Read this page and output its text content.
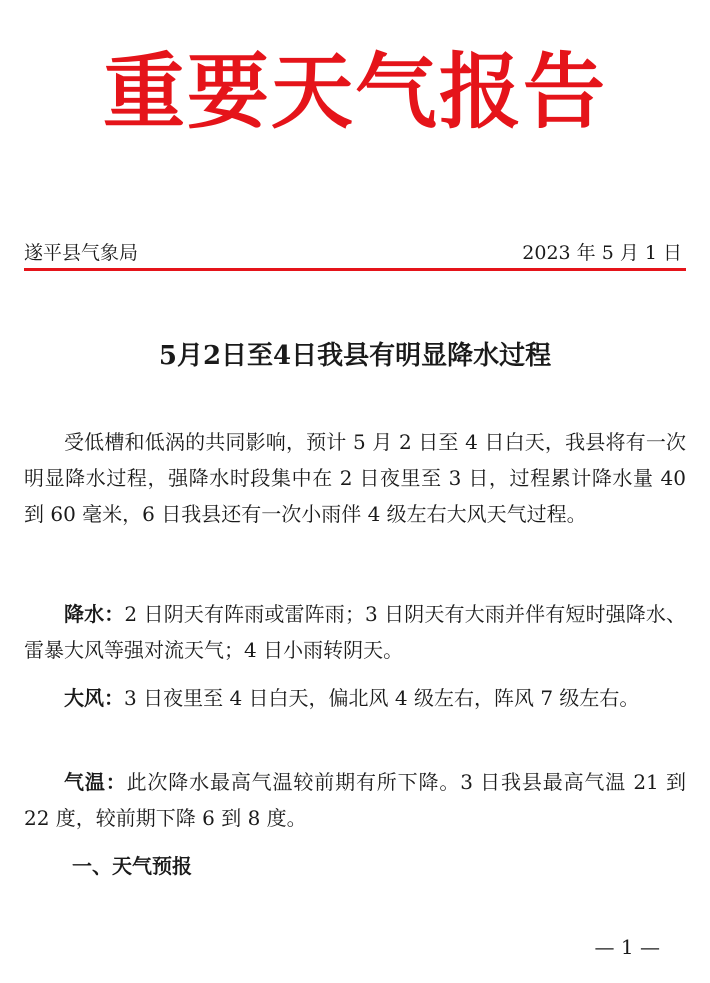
重要天气报告
遂平县气象局	2023 年 5 月 1 日
5月2日至4日我县有明显降水过程
受低槽和低涡的共同影响，预计 5 月 2 日至 4 日白天，我县将有一次明显降水过程，强降水时段集中在 2 日夜里至 3 日，过程累计降水量 40 到 60 毫米，6 日我县还有一次小雨伴 4 级左右大风天气过程。
降水：2 日阴天有阵雨或雷阵雨；3 日阴天有大雨并伴有短时强降水、雷暴大风等强对流天气；4 日小雨转阴天。
大风：3 日夜里至 4 日白天，偏北风 4 级左右，阵风 7 级左右。
气温：此次降水最高气温较前期有所下降。3 日我县最高气温 21 到 22 度，较前期下降 6 到 8 度。
一、天气预报
— 1 —
